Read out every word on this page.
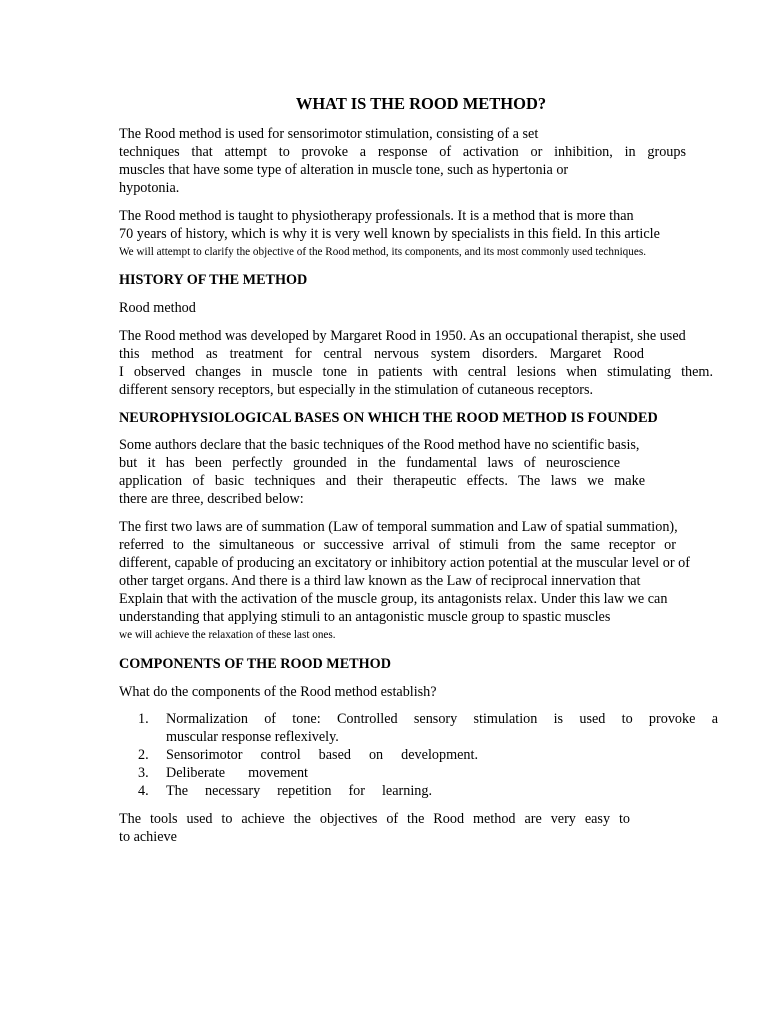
WHAT IS THE ROOD METHOD?
The Rood method is used for sensorimotor stimulation, consisting of a set
techniques that attempt to provoke a response of activation or inhibition, in groups
muscles that have some type of alteration in muscle tone, such as hypertonia or
hypotonia.
The Rood method is taught to physiotherapy professionals. It is a method that is more than
70 years of history, which is why it is very well known by specialists in this field. In this article
We will attempt to clarify the objective of the Rood method, its components, and its most commonly used techniques.
HISTORY OF THE METHOD
Rood method
The Rood method was developed by Margaret Rood in 1950. As an occupational therapist, she used
this method as treatment for central nervous system disorders. Margaret Rood
I observed changes in muscle tone in patients with central lesions when stimulating them.
different sensory receptors, but especially in the stimulation of cutaneous receptors.
NEUROPHYSIOLOGICAL BASES ON WHICH THE ROOD METHOD IS FOUNDED
Some authors declare that the basic techniques of the Rood method have no scientific basis,
but it has been perfectly grounded in the fundamental laws of neuroscience
application of basic techniques and their therapeutic effects. The laws we make
there are three, described below:
The first two laws are of summation (Law of temporal summation and Law of spatial summation),
referred to the simultaneous or successive arrival of stimuli from the same receptor or
different, capable of producing an excitatory or inhibitory action potential at the muscular level or of
other target organs. And there is a third law known as the Law of reciprocal innervation that
Explain that with the activation of the muscle group, its antagonists relax. Under this law we can
understanding that applying stimuli to an antagonistic muscle group to spastic muscles
we will achieve the relaxation of these last ones.
COMPONENTS OF THE ROOD METHOD
What do the components of the Rood method establish?
1. Normalization of tone: Controlled sensory stimulation is used to provoke a
muscular response reflexively.
2. Sensorimotor control based on development.
3. Deliberate movement
4. The necessary repetition for learning.
The tools used to achieve the objectives of the Rood method are very easy to
to achieve
